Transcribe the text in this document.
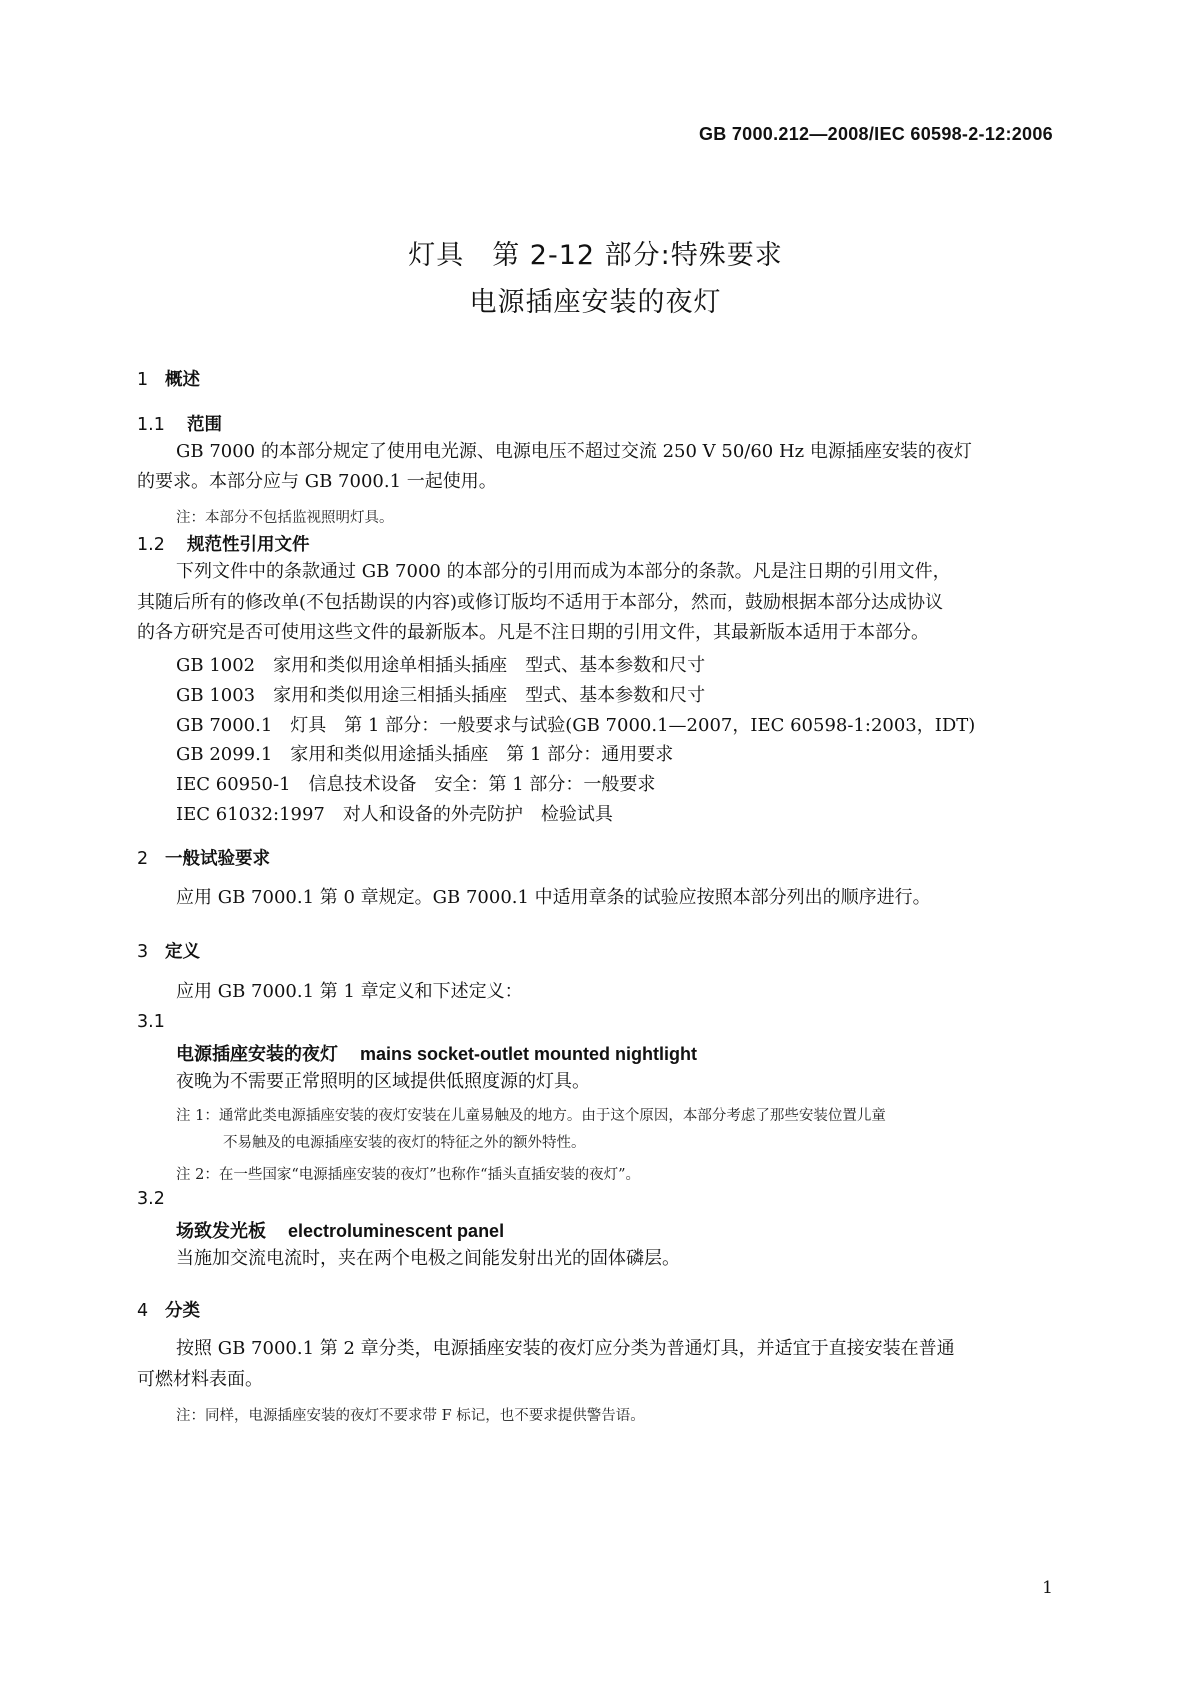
GB 7000.212—2008/IEC 60598-2-12:2006
灯具　第 2-12 部分:特殊要求
电源插座安装的夜灯
1 概述
1.1 范围
GB 7000 的本部分规定了使用电光源、电源电压不超过交流 250 V 50/60 Hz 电源插座安装的夜灯
的要求。本部分应与 GB 7000.1 一起使用。
注：本部分不包括监视照明灯具。
1.2 规范性引用文件
下列文件中的条款通过 GB 7000 的本部分的引用而成为本部分的条款。凡是注日期的引用文件，
其随后所有的修改单(不包括勘误的内容)或修订版均不适用于本部分，然而，鼓励根据本部分达成协议
的各方研究是否可使用这些文件的最新版本。凡是不注日期的引用文件，其最新版本适用于本部分。
GB 1002　家用和类似用途单相插头插座　型式、基本参数和尺寸
GB 1003　家用和类似用途三相插头插座　型式、基本参数和尺寸
GB 7000.1　灯具　第 1 部分：一般要求与试验(GB 7000.1—2007，IEC 60598-1:2003，IDT)
GB 2099.1　家用和类似用途插头插座　第 1 部分：通用要求
IEC 60950-1　信息技术设备　安全：第 1 部分：一般要求
IEC 61032:1997　对人和设备的外壳防护　检验试具
2 一般试验要求
应用 GB 7000.1 第 0 章规定。GB 7000.1 中适用章条的试验应按照本部分列出的顺序进行。
3 定义
应用 GB 7000.1 第 1 章定义和下述定义：
3.1
电源插座安装的夜灯 mains socket-outlet mounted nightlight
夜晚为不需要正常照明的区域提供低照度源的灯具。
注 1：通常此类电源插座安装的夜灯安装在儿童易触及的地方。由于这个原因，本部分考虑了那些安装位置儿童
不易触及的电源插座安装的夜灯的特征之外的额外特性。
注 2：在一些国家“电源插座安装的夜灯”也称作“插头直插安装的夜灯”。
3.2
场致发光板 electroluminescent panel
当施加交流电流时，夹在两个电极之间能发射出光的固体磷层。
4 分类
按照 GB 7000.1 第 2 章分类，电源插座安装的夜灯应分类为普通灯具，并适宜于直接安装在普通
可燃材料表面。
注：同样，电源插座安装的夜灯不要求带 F 标记，也不要求提供警告语。
1
